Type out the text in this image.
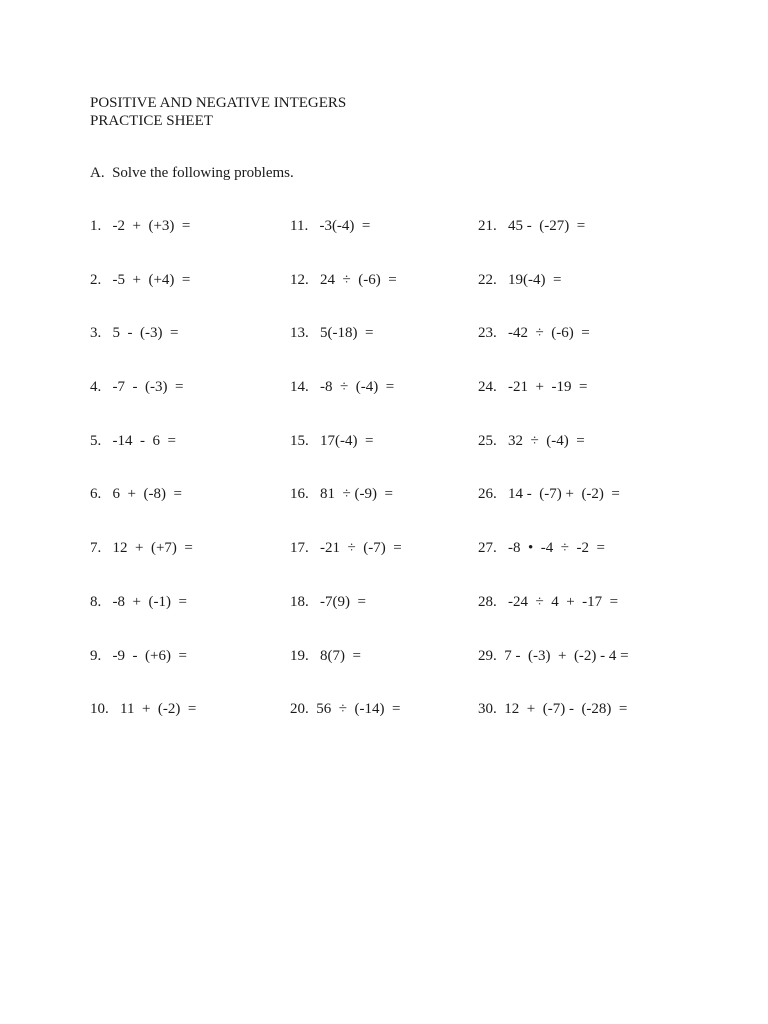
POSITIVE AND NEGATIVE INTEGERS
PRACTICE SHEET
A.  Solve the following problems.
1.   -2  +  (+3)  =
2.   -5  +  (+4)  =
3.   5  -  (-3)  =
4.   -7  -  (-3)  =
5.   -14  -  6  =
6.   6  +  (-8)  =
7.   12  +  (+7)  =
8.   -8  +  (-1)  =
9.   -9  -  (+6)  =
10.   11  +  (-2)  =
11.   -3(-4)  =
12.   24  ÷  (-6)  =
13.   5(-18)  =
14.   -8  ÷  (-4)  =
15.   17(-4)  =
16.   81  ÷ (-9)  =
17.   -21  ÷  (-7)  =
18.   -7(9)  =
19.   8(7)  =
20.  56  ÷  (-14)  =
21.   45 -  (-27)  =
22.   19(-4)  =
23.   -42  ÷  (-6)  =
24.   -21  +  -19  =
25.   32  ÷  (-4)  =
26.   14 -  (-7) +  (-2)  =
27.   -8  •  -4  ÷  -2  =
28.   -24  ÷  4  +  -17  =
29.  7 -  (-3)  +  (-2) - 4 =
30.  12  +  (-7) -  (-28)  =
